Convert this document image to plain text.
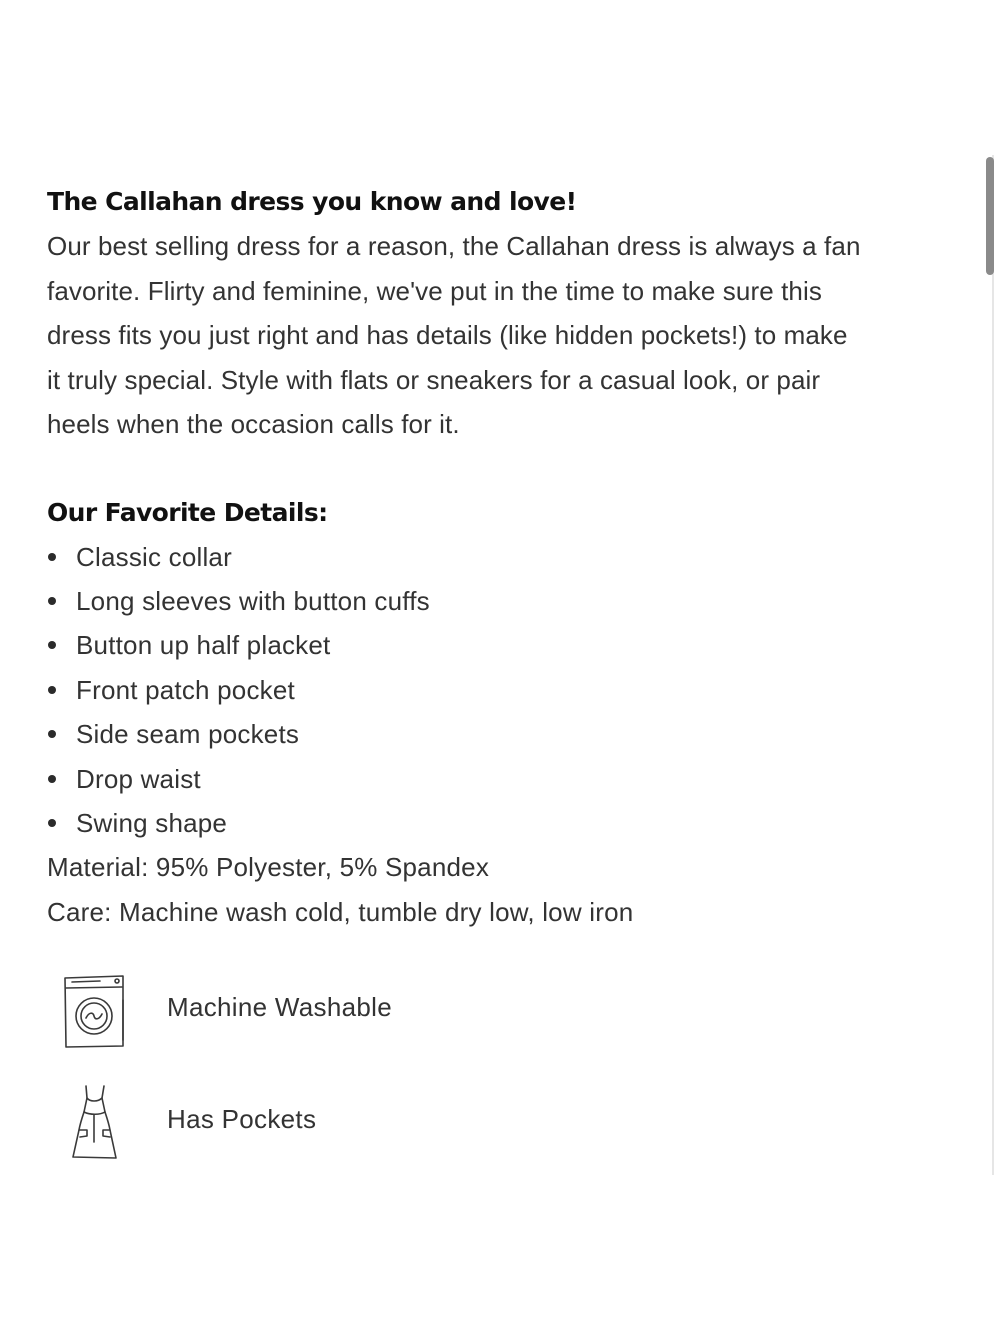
The Callahan dress you know and love!

Our best selling dress for a reason, the Callahan dress is always a fan
favorite. Flirty and feminine, we've put in the time to make sure this
dress fits you just right and has details (like hidden pockets!) to make
it truly special. Style with flats or sneakers for a casual look, or pair
heels when the occasion calls for it.

Our Favorite Details:

Classic collar
Long sleeves with button cuffs
Button up half placket
Front patch pocket
Side seam pockets
Drop waist
Swing shape

Material: 95% Polyester, 5% Spandex

Care: Machine wash cold, tumble dry low, low iron

Machine Washable
Has Pockets
